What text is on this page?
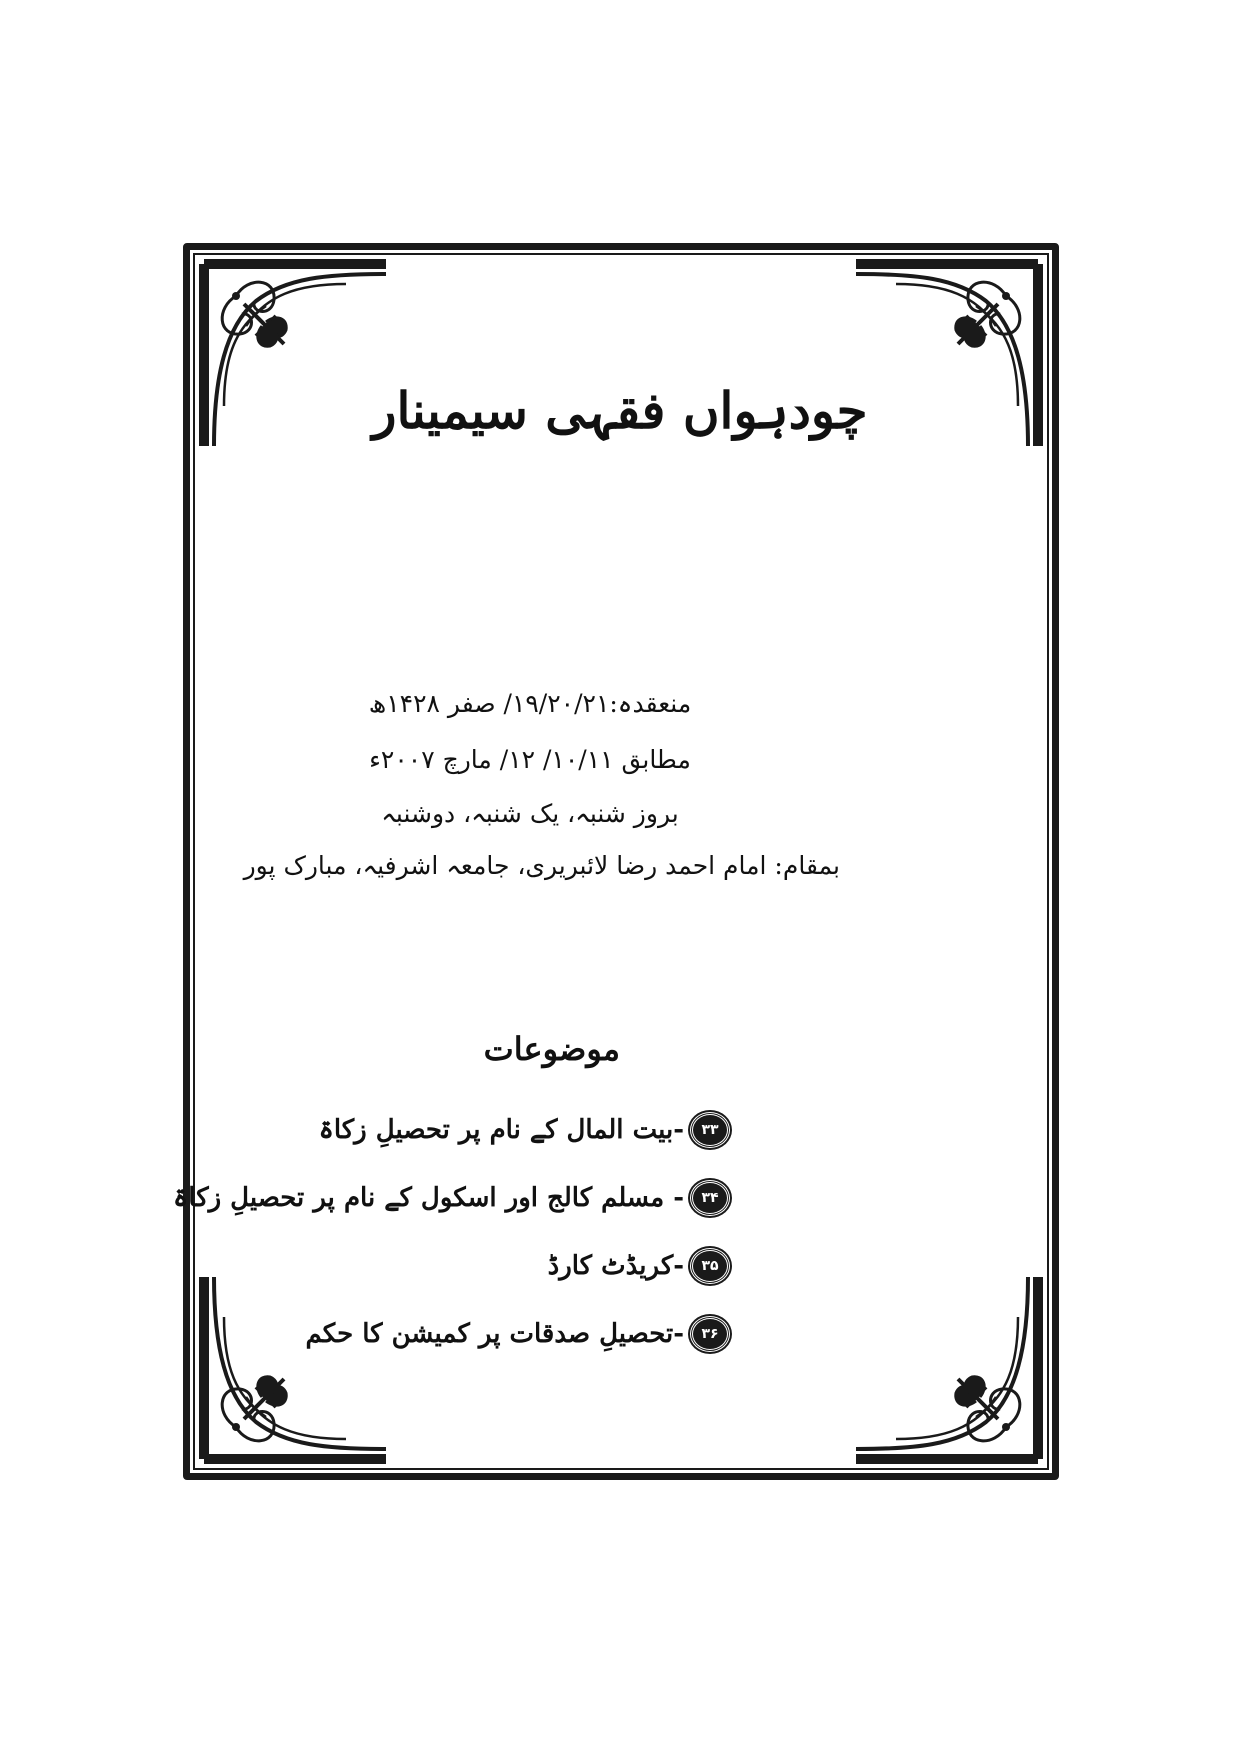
چودہواں فقہی سیمینار
منعقدہ:۱۹/۲۰/۲۱/ صفر ۱۴۲۸ھ
مطابق ۱۰/۱۱/ ۱۲/ مارچ ۲۰۰۷ء
بروز شنبہ، یک شنبہ، دوشنبہ
بمقام: امام احمد رضا لائبریری، جامعہ اشرفیہ، مبارک پور
موضوعات
۳۳
-بیت المال کے نام پر تحصیلِ زکاۃ
۳۴
- مسلم کالج اور اسکول کے نام پر تحصیلِ زکاۃ
۳۵
-کریڈٹ کارڈ
۳۶
-تحصیلِ صدقات پر کمیشن کا حکم
